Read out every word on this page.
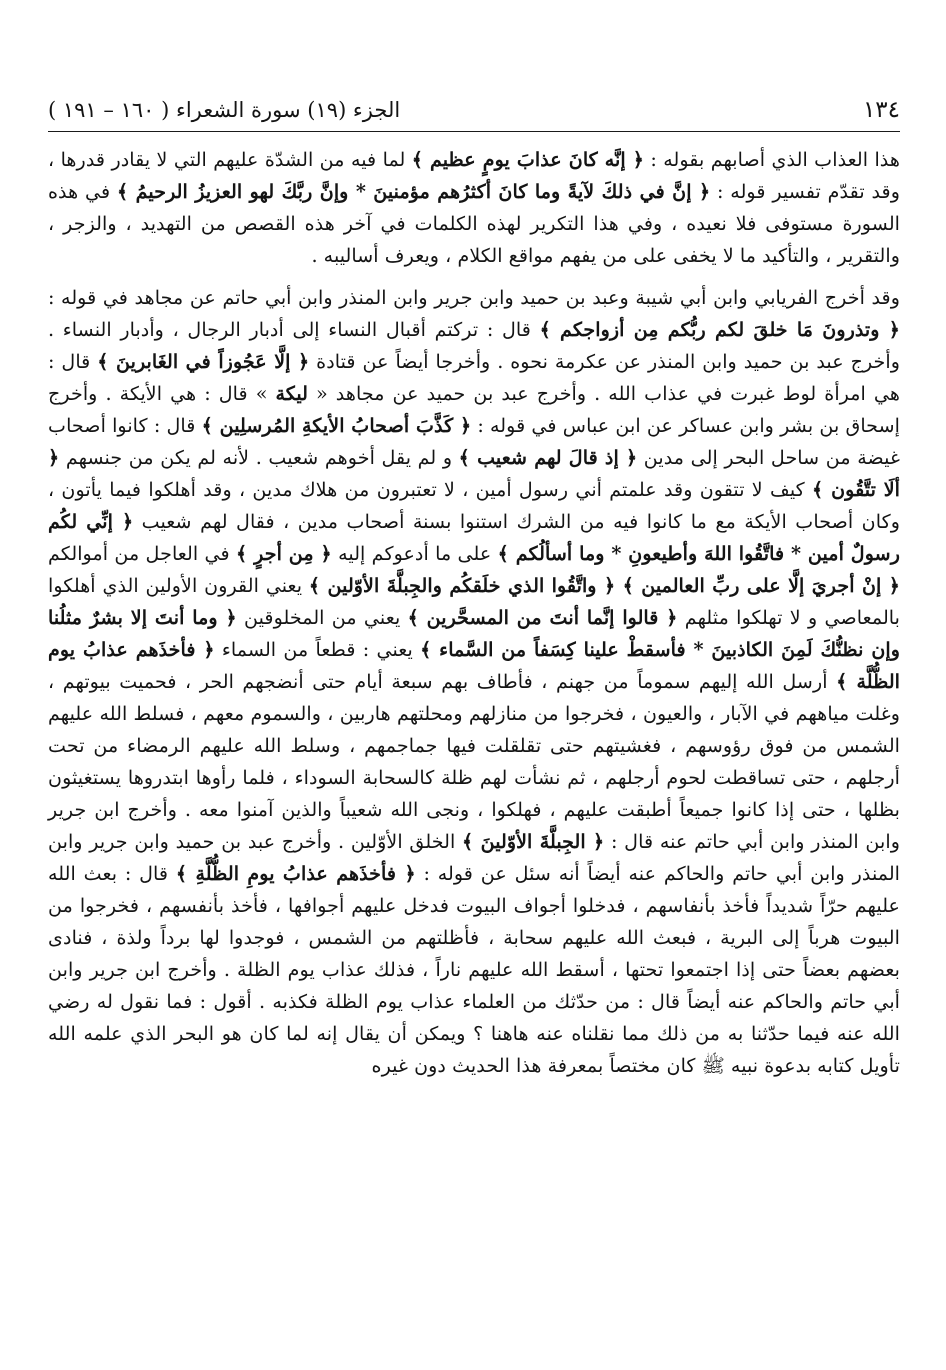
١٣٤
الجزء (١٩) سورة الشعراء ( ١٦٠ – ١٩١ )

هذا العذاب الذي أصابهم بقوله : ﴿ إنَّه كانَ عذابَ يومٍ عظيم ﴾ لما فيه من الشدّة عليهم التي لا يقادر قدرها ، وقد تقدّم تفسير قوله : ﴿ إنَّ في ذلكَ لآيةً وما كانَ أكثرُهم مؤمنينَ * وإنَّ ربَّكَ لهو العزيزُ الرحيمُ ﴾ في هذه السورة مستوفى فلا نعيده ، وفي هذا التكرير لهذه الكلمات في آخر هذه القصص من التهديد ، والزجر ، والتقرير ، والتأكيد ما لا يخفى على من يفهم مواقع الكلام ، ويعرف أساليبه .

وقد أخرج الفريابي وابن أبي شيبة وعبد بن حميد وابن جرير وابن المنذر وابن أبي حاتم عن مجاهد في قوله : ﴿ وتذرونَ مَا خلقَ لكم ربُّكم مِن أزواجكم ﴾ قال : تركتم أقبال النساء إلى أدبار الرجال ، وأدبار النساء . وأخرج عبد بن حميد وابن المنذر عن عكرمة نحوه . وأخرجا أيضاً عن قتادة ﴿ إلَّا عَجُوزاً في الغَابرينَ ﴾ قال : هي امرأة لوط غبرت في عذاب الله . وأخرج عبد بن حميد عن مجاهد « ليكة » قال : هي الأيكة . وأخرج إسحاق بن بشر وابن عساكر عن ابن عباس في قوله : ﴿ كَذَّبَ أصحابُ الأيكةِ المُرسلِين ﴾ قال : كانوا أصحاب غيضة من ساحل البحر إلى مدين ﴿ إذ قالَ لهم شعيب ﴾ و لم يقل أخوهم شعيب . لأنه لم يكن من جنسهم ﴿ ألَا تتَّقُون ﴾ كيف لا تتقون وقد علمتم أني رسول أمين ، لا تعتبرون من هلاك مدين ، وقد أهلكوا فيما يأتون ، وكان أصحاب الأيكة مع ما كانوا فيه من الشرك استنوا بسنة أصحاب مدين ، فقال لهم شعيب ﴿ إنِّي لكُم رسولٌ أمين * فاتَّقُوا اللهَ وأطيعونِ * وما أسألُكم ﴾ على ما أدعوكم إليه ﴿ مِن أجرٍ ﴾ في العاجل من أموالكم ﴿ إنْ أجريَ إلَّا على ربِّ العالمين ﴾ ﴿ واتَّقُوا الذي خلَقكُم والجِبلَّةَ الأوّلين ﴾ يعني القرون الأولين الذي أهلكوا بالمعاصي و لا تهلكوا مثلهم ﴿ قالوا إنَّما أنتَ من المسحَّرين ﴾ يعني من المخلوقين ﴿ وما أنتَ إلا بشرٌ مثلُنا وإن نظنُّكَ لَمِنَ الكاذبينَ * فأسقطْ علينا كِسَفاً من السَّماء ﴾ يعني : قطعاً من السماء ﴿ فأخذَهم عذابُ يوم الظُّلَّة ﴾ أرسل الله إليهم سموماً من جهنم ، فأطاف بهم سبعة أيام حتى أنضجهم الحر ، فحميت بيوتهم ، وغلت مياههم في الآبار ، والعيون ، فخرجوا من منازلهم ومحلتهم هاربين ، والسموم معهم ، فسلط الله عليهم الشمس من فوق رؤوسهم ، فغشيتهم حتى تقلقلت فيها جماجمهم ، وسلط الله عليهم الرمضاء من تحت أرجلهم ، حتى تساقطت لحوم أرجلهم ، ثم نشأت لهم ظلة كالسحابة السوداء ، فلما رأوها ابتدروها يستغيثون بظلها ، حتى إذا كانوا جميعاً أطبقت عليهم ، فهلكوا ، ونجى الله شعيباً والذين آمنوا معه . وأخرج ابن جرير وابن المنذر وابن أبي حاتم عنه قال : ﴿ الجِبلَّةَ الأوّلينَ ﴾ الخلق الأوّلين . وأخرج عبد بن حميد وابن جرير وابن المنذر وابن أبي حاتم والحاكم عنه أيضاً أنه سئل عن قوله : ﴿ فأخذَهم عذابُ يومِ الظُّلَّةِ ﴾ قال : بعث الله عليهم حرّاً شديداً فأخذ بأنفاسهم ، فدخلوا أجواف البيوت فدخل عليهم أجوافها ، فأخذ بأنفسهم ، فخرجوا من البيوت هرباً إلى البرية ، فبعث الله عليهم سحابة ، فأظلتهم من الشمس ، فوجدوا لها برداً ولذة ، فنادى بعضهم بعضاً حتى إذا اجتمعوا تحتها ، أسقط الله عليهم ناراً ، فذلك عذاب يوم الظلة . وأخرج ابن جرير وابن أبي حاتم والحاكم عنه أيضاً قال : من حدّثك من العلماء عذاب يوم الظلة فكذبه . أقول : فما نقول له رضي الله عنه فيما حدّثنا به من ذلك مما نقلناه عنه هاهنا ؟ ويمكن أن يقال إنه لما كان هو البحر الذي علمه الله تأويل كتابه بدعوة نبيه ﷺ كان مختصاً بمعرفة هذا الحديث دون غيره
